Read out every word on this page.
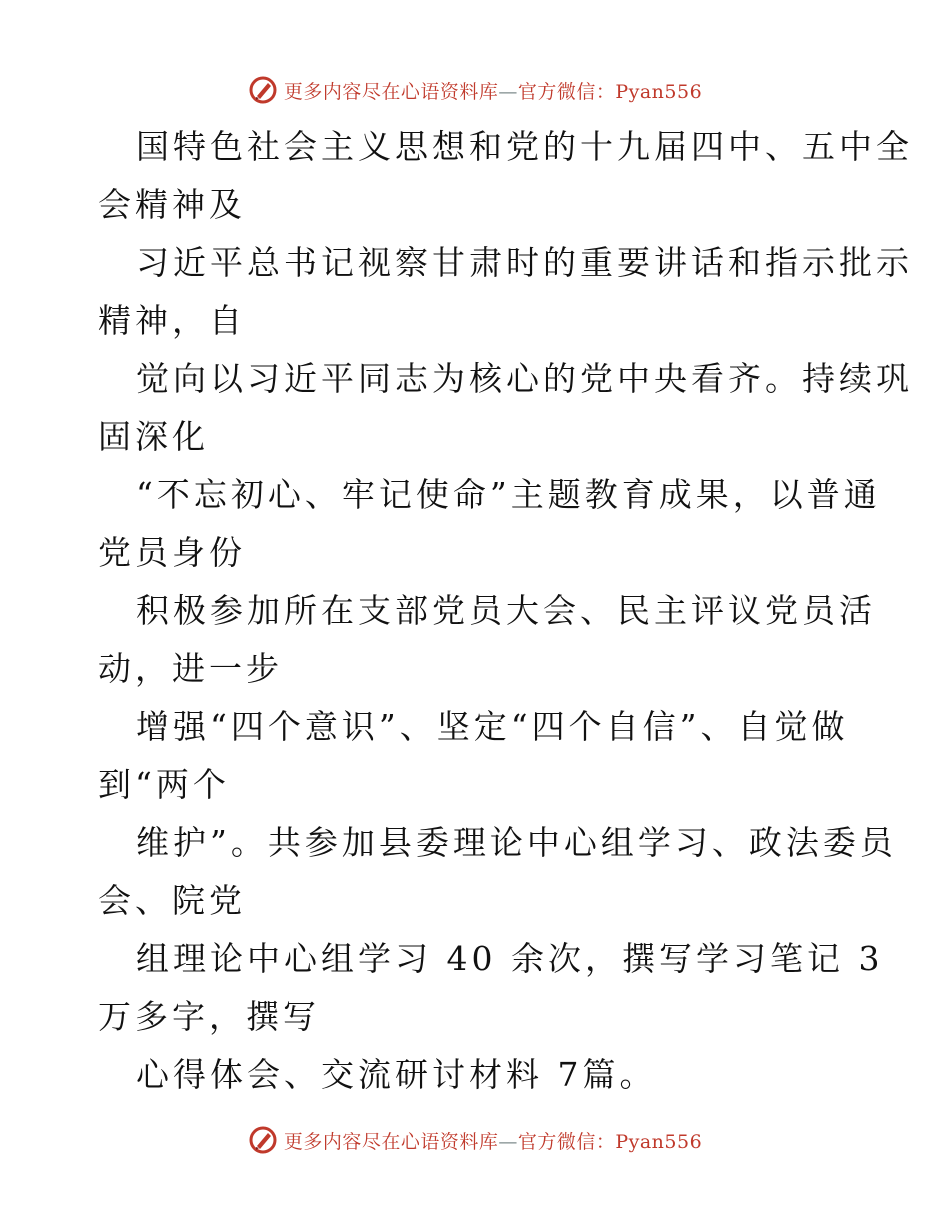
更多内容尽在心语资料库—官方微信：Pyan556
国特色社会主义思想和党的十九届四中、五中全
会精神及
习近平总书记视察甘肃时的重要讲话和指示批示
精神，自
觉向以习近平同志为核心的党中央看齐。持续巩
固深化
“不忘初心、牢记使命”主题教育成果，以普通
党员身份
积极参加所在支部党员大会、民主评议党员活
动，进一步
增强“四个意识”、坚定“四个自信”、自觉做
到“两个
维护”。共参加县委理论中心组学习、政法委员
会、院党
组理论中心组学习 40 余次，撰写学习笔记 3
万多字，撰写
心得体会、交流研讨材料 7篇。
更多内容尽在心语资料库—官方微信：Pyan556
